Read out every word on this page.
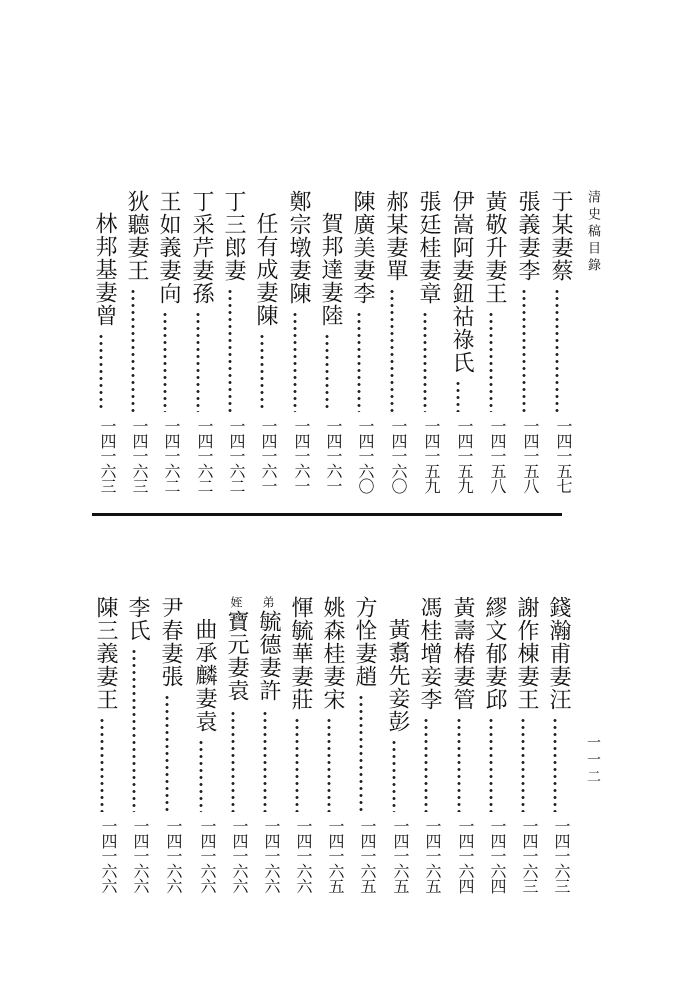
清史稿目錄
一一二
于某妻蔡
一四一五七
張義妻李
一四一五八
黃敬升妻王
一四一五八
伊嵩阿妻鈕祜祿氏
一四一五九
張廷桂妻章
一四一五九
郝某妻單
一四一六〇
陳廣美妻李
一四一六〇
賀邦達妻陸
一四一六一
鄭宗墩妻陳
一四一六一
任有成妻陳
一四一六一
丁三郎妻
一四一六二
丁采芹妻孫
一四一六二
王如義妻向
一四一六二
狄聽妻王
一四一六三
林邦基妻曾
一四一六三
錢瀚甫妻汪
一四一六三
謝作棟妻王
一四一六三
繆文郁妻邱
一四一六四
黃壽椿妻管
一四一六四
馮桂增妾李
一四一六五
黃翥先妾彭
一四一六五
方恮妻趙
一四一六五
姚森桂妻宋
一四一六五
惲毓華妻莊
一四一六六
弟毓德妻許
一四一六六
姪寶元妻袁
一四一六六
曲承麟妻袁
一四一六六
尹春妻張
一四一六六
李氏
一四一六六
陳三義妻王
一四一六六
